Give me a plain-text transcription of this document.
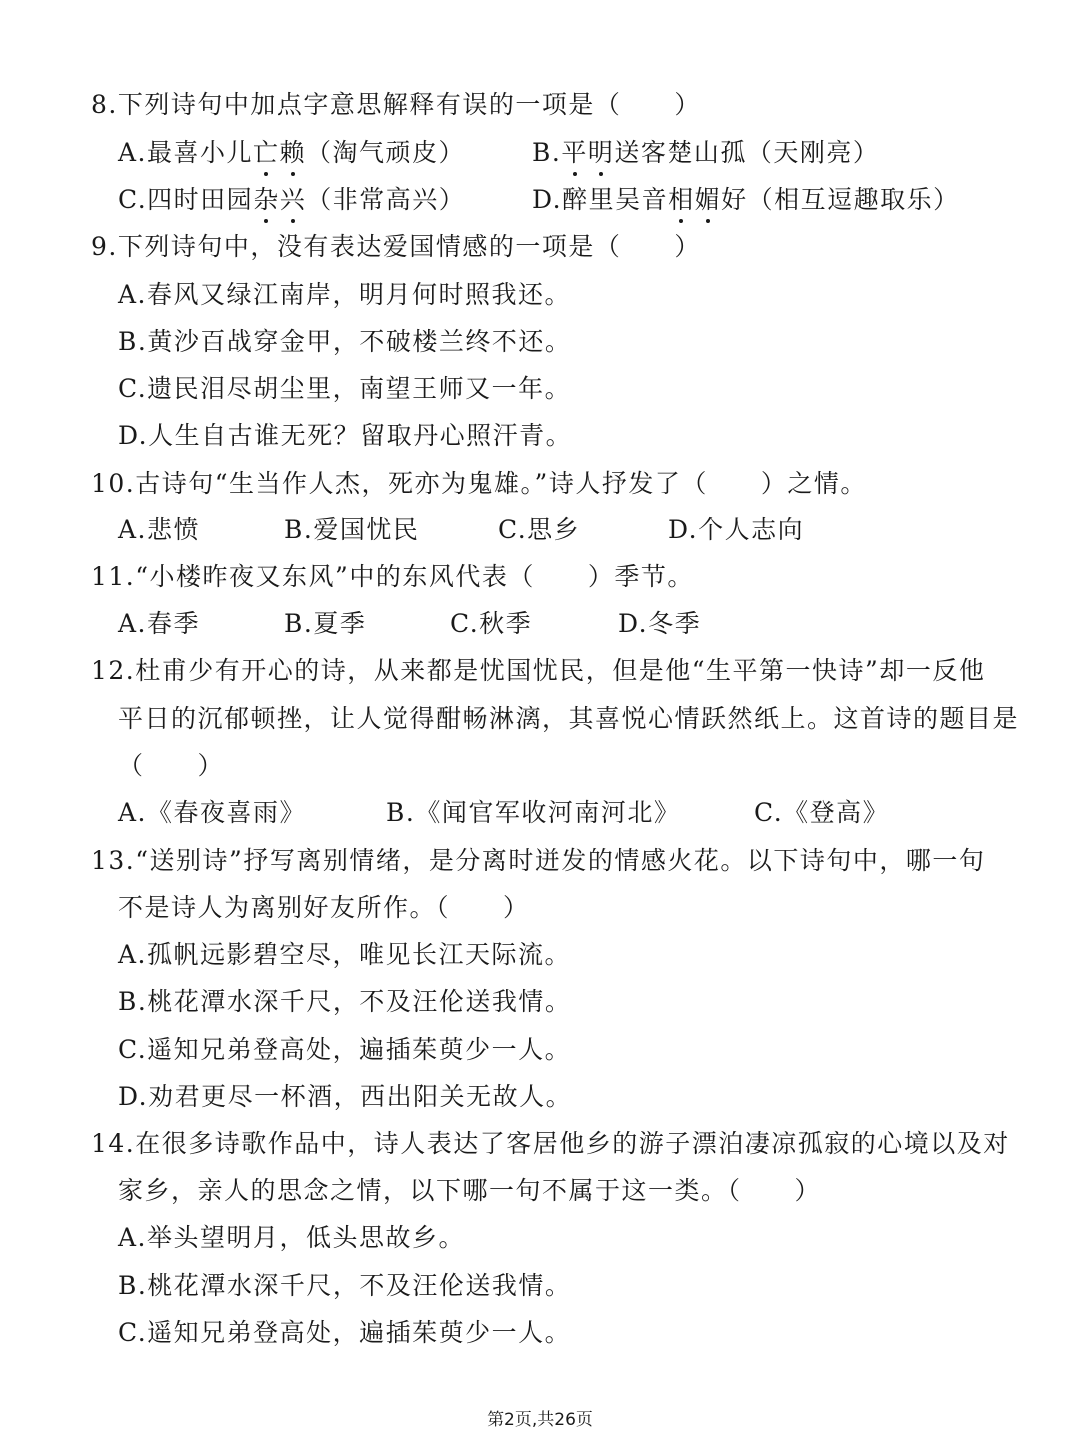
8.下列诗句中加点字意思解释有误的一项是（　　）
A.最喜小儿亡赖（淘气顽皮）	B.平明送客楚山孤（天刚亮）
C.四时田园杂兴（非常高兴）	D.醉里吴音相媚好（相互逗趣取乐）
9.下列诗句中，没有表达爱国情感的一项是（　　）
A.春风又绿江南岸，明月何时照我还。
B.黄沙百战穿金甲，不破楼兰终不还。
C.遗民泪尽胡尘里，南望王师又一年。
D.人生自古谁无死？留取丹心照汗青。
10.古诗句“生当作人杰，死亦为鬼雄。”诗人抒发了（　　）之情。
A.悲愤	B.爱国忧民	C.思乡	D.个人志向
11.“小楼昨夜又东风”中的东风代表（　　）季节。
A.春季	B.夏季	C.秋季	D.冬季
12.杜甫少有开心的诗，从来都是忧国忧民，但是他“生平第一快诗”却一反他
平日的沉郁顿挫，让人觉得酣畅淋漓，其喜悦心情跃然纸上。这首诗的题目是
（　　）
A.《春夜喜雨》	B.《闻官军收河南河北》	C.《登高》
13.“送别诗”抒写离别情绪，是分离时迸发的情感火花。以下诗句中，哪一句
不是诗人为离别好友所作。（　　）
A.孤帆远影碧空尽，唯见长江天际流。
B.桃花潭水深千尺，不及汪伦送我情。
C.遥知兄弟登高处，遍插茱萸少一人。
D.劝君更尽一杯酒，西出阳关无故人。
14.在很多诗歌作品中，诗人表达了客居他乡的游子漂泊凄凉孤寂的心境以及对
家乡，亲人的思念之情，以下哪一句不属于这一类。（　　）
A.举头望明月，低头思故乡。
B.桃花潭水深千尺，不及汪伦送我情。
C.遥知兄弟登高处，遍插茱萸少一人。
第2页,共26页
